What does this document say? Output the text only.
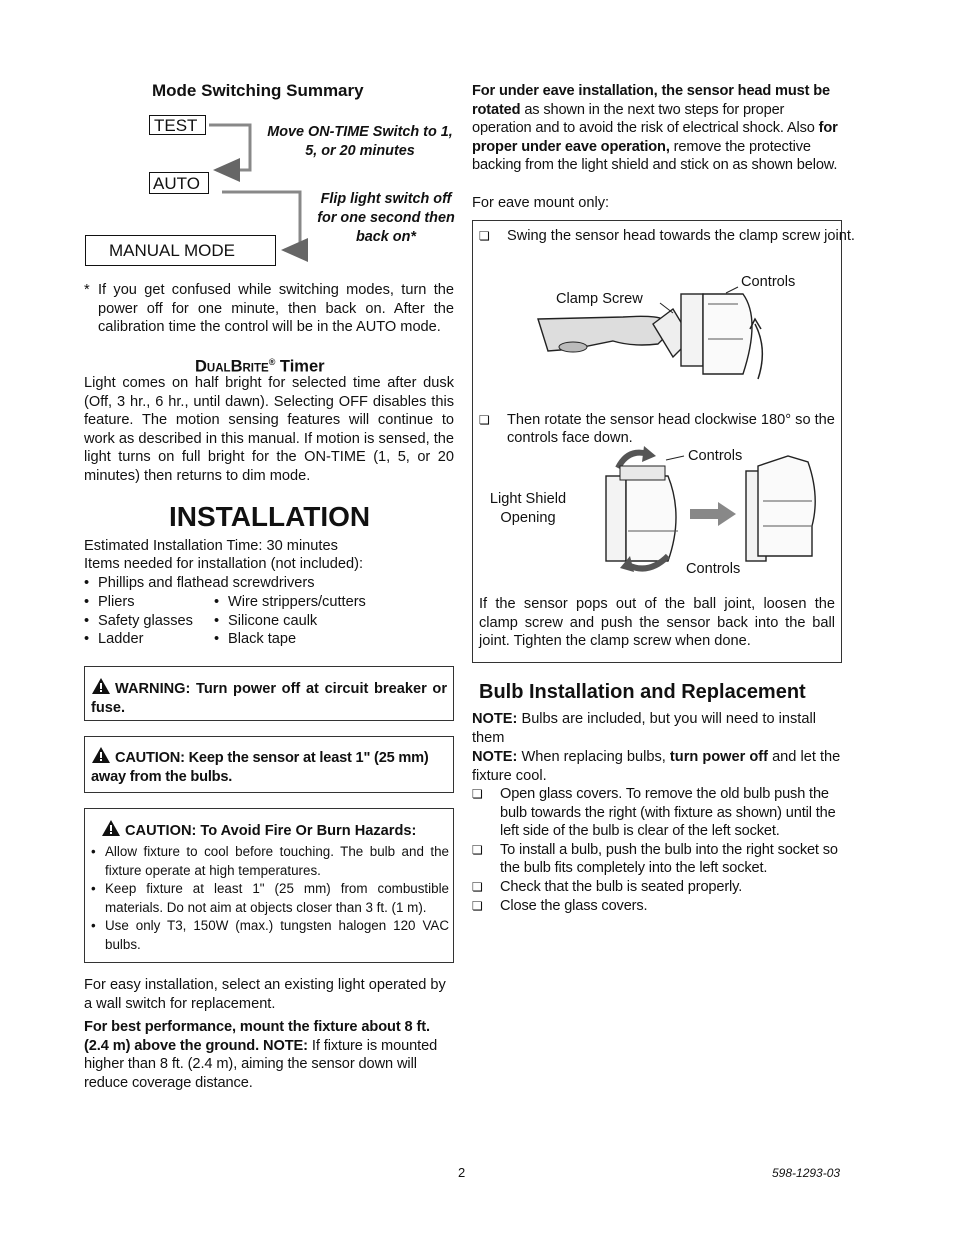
Mode Switching Summary
TEST
AUTO
MANUAL MODE
Move ON-TIME Switch to 1, 5, or 20 minutes
Flip light switch off for one second then back on*
* If you get confused while switching modes, turn the power off for one minute, then back on. After the calibration time the control will be in the AUTO mode.
DUALBRITE® Timer
Light comes on half bright for selected time after dusk (Off, 3 hr., 6 hr., until dawn). Selecting OFF disables this feature. The motion sensing features will continue to work as described in this manual. If motion is sensed, the light turns on full bright for the ON-TIME (1, 5, or 20 minutes) then returns to dim mode.
INSTALLATION
Estimated Installation Time: 30 minutes
Items needed for installation (not included):
• Phillips and flathead screwdrivers
• Pliers
• Safety glasses
• Ladder
• Wire strippers/cutters
• Silicone caulk
• Black tape
WARNING: Turn power off at circuit breaker or fuse.
CAUTION: Keep the sensor at least 1" (25 mm) away from the bulbs.
CAUTION: To Avoid Fire Or Burn Hazards:
• Allow fixture to cool before touching. The bulb and the fixture operate at high temperatures.
• Keep fixture at least 1" (25 mm) from combustible materials. Do not aim at objects closer than 3 ft. (1 m).
• Use only T3, 150W (max.) tungsten halogen 120 VAC bulbs.
For easy installation, select an existing light operated by a wall switch for replacement.
For best performance, mount the fixture about 8 ft. (2.4 m) above the ground. NOTE: If fixture is mounted higher than 8 ft. (2.4 m), aiming the sensor down will reduce coverage distance.
For under eave installation, the sensor head must be rotated as shown in the next two steps for proper operation and to avoid the risk of electrical shock. Also for proper under eave operation, remove the protective backing from the light shield and stick on as shown below.
For eave mount only:
❏ Swing the sensor head towards the clamp screw joint.
Controls
Clamp Screw
❏ Then rotate the sensor head clockwise 180° so the controls face down.
Controls
Light Shield Opening
Controls
If the sensor pops out of the ball joint, loosen the clamp screw and push the sensor back into the ball joint. Tighten the clamp screw when done.
Bulb Installation and Replacement
NOTE: Bulbs are included, but you will need to install them
NOTE: When replacing bulbs, turn power off and let the fixture cool.
❏ Open glass covers. To remove the old bulb push the bulb towards the right (with fixture as shown) until the left side of the bulb is clear of the left socket.
❏ To install a bulb, push the bulb into the right socket so the bulb fits completely into the left socket.
❏ Check that the bulb is seated properly.
❏ Close the glass covers.
2	598-1293-03
